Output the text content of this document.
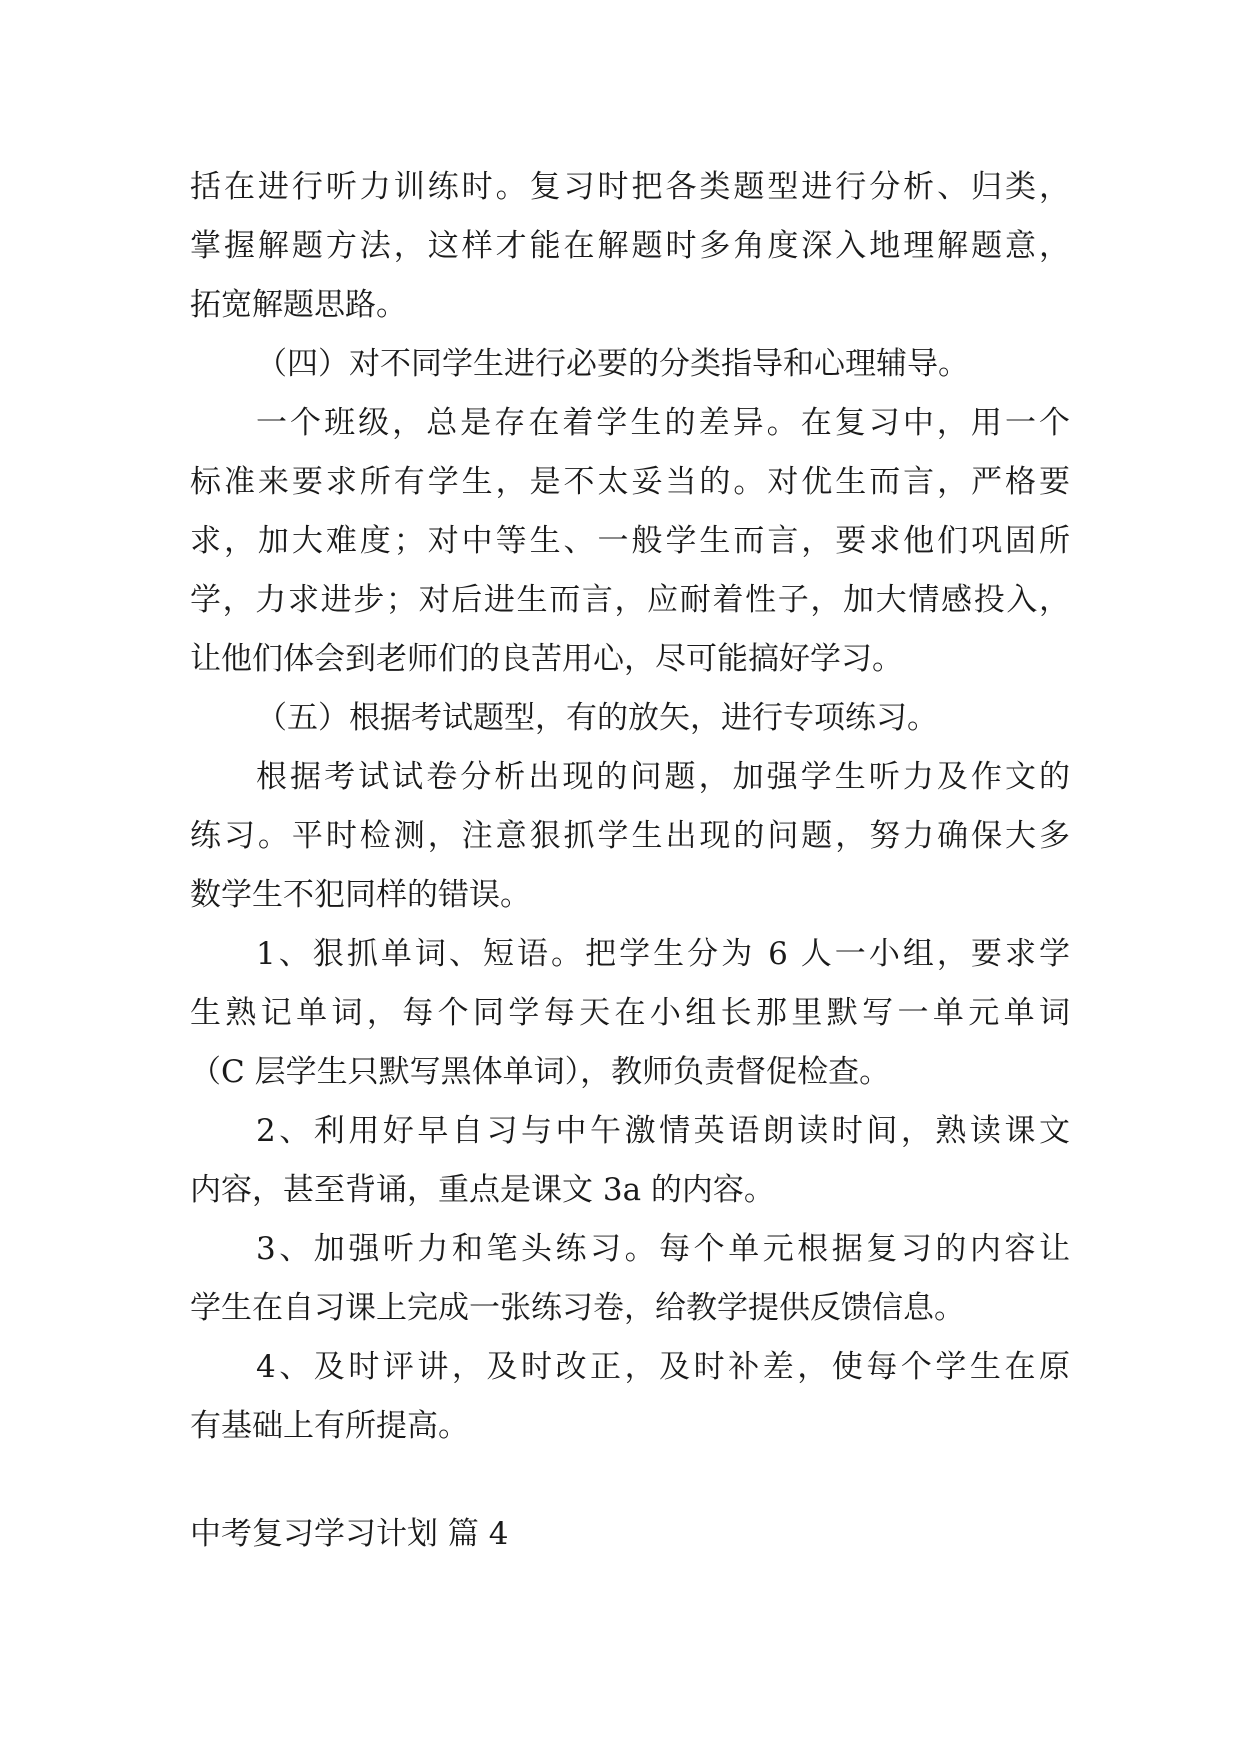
括在进行听力训练时。复习时把各类题型进行分析、归类，
掌握解题方法，这样才能在解题时多角度深入地理解题意，
拓宽解题思路。
（四）对不同学生进行必要的分类指导和心理辅导。
一个班级，总是存在着学生的差异。在复习中，用一个
标准来要求所有学生，是不太妥当的。对优生而言，严格要
求，加大难度；对中等生、一般学生而言，要求他们巩固所
学，力求进步；对后进生而言，应耐着性子，加大情感投入，
让他们体会到老师们的良苦用心，尽可能搞好学习。
（五）根据考试题型，有的放矢，进行专项练习。
根据考试试卷分析出现的问题，加强学生听力及作文的
练习。平时检测，注意狠抓学生出现的问题，努力确保大多
数学生不犯同样的错误。
1、狠抓单词、短语。把学生分为 6 人一小组，要求学
生熟记单词，每个同学每天在小组长那里默写一单元单词
（C 层学生只默写黑体单词），教师负责督促检查。
2、利用好早自习与中午激情英语朗读时间，熟读课文
内容，甚至背诵，重点是课文 3a 的内容。
3、加强听力和笔头练习。每个单元根据复习的内容让
学生在自习课上完成一张练习卷，给教学提供反馈信息。
4、及时评讲，及时改正，及时补差，使每个学生在原
有基础上有所提高。
中考复习学习计划 篇 4
